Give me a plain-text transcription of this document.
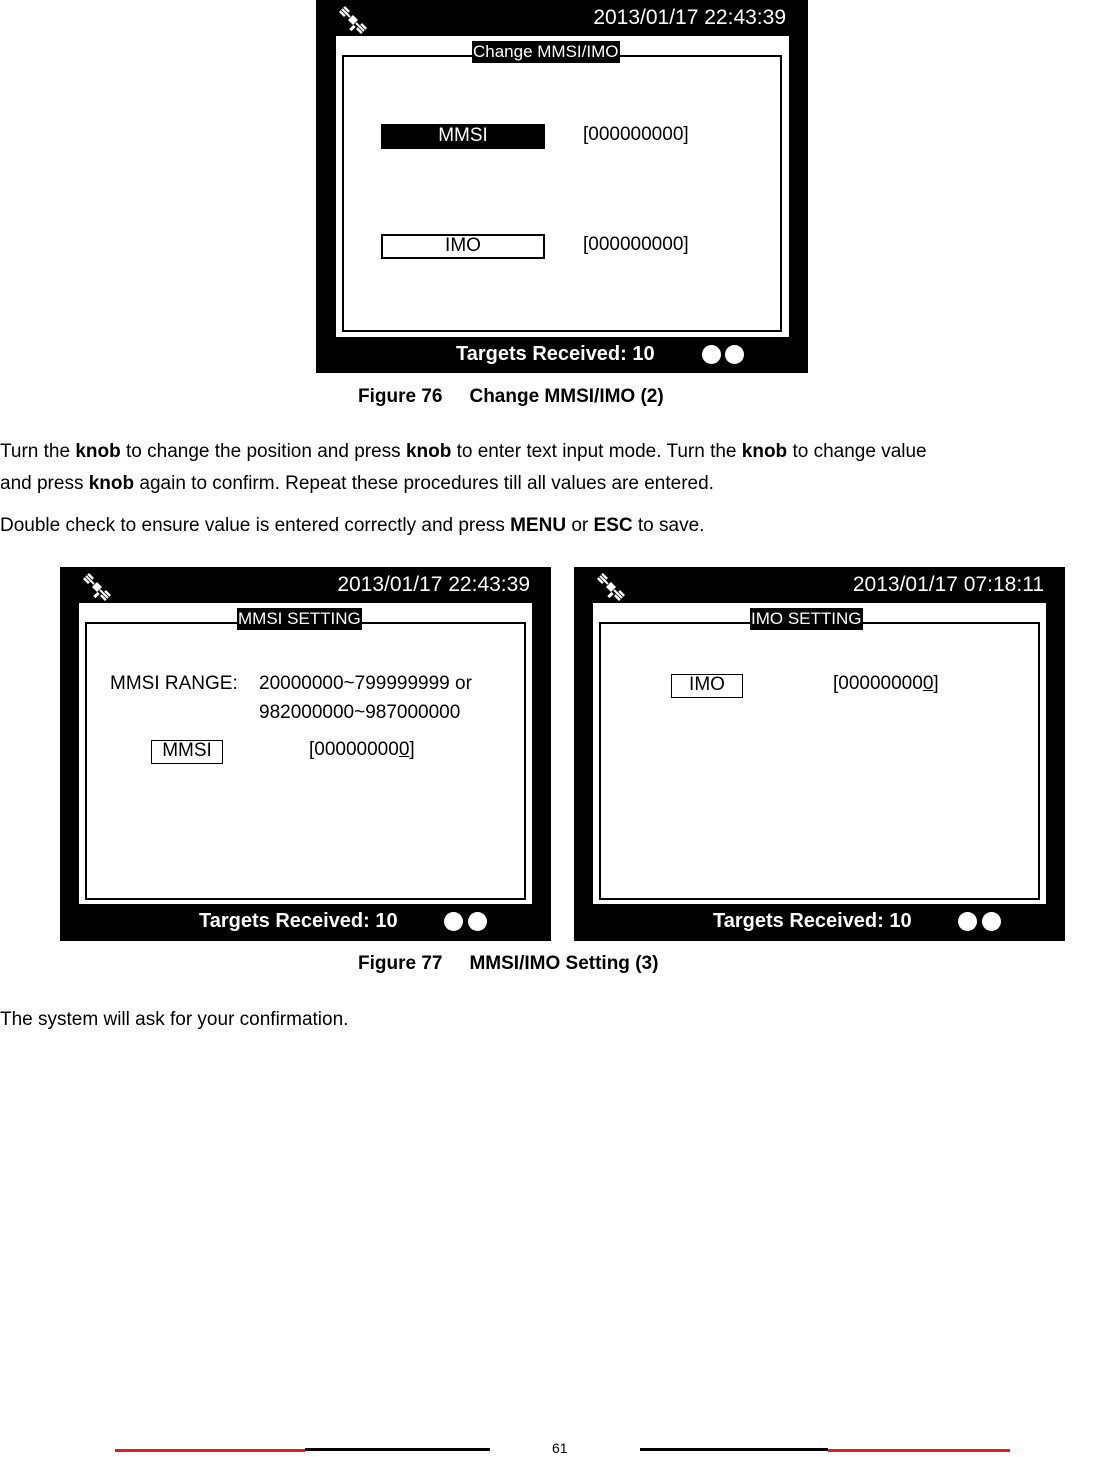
2013/01/17 22:43:39
Change MMSI/IMO
MMSI	[000000000]
IMO	[000000000]
Targets Received: 10
Figure 76 Change MMSI/IMO (2)
Turn the knob to change the position and press knob to enter text input mode. Turn the knob to change value
and press knob again to confirm. Repeat these procedures till all values are entered.
Double check to ensure value is entered correctly and press MENU or ESC to save.
2013/01/17 22:43:39
MMSI SETTING
MMSI RANGE: 20000000~799999999 or
982000000~987000000
MMSI	[000000000]
Targets Received: 10
2013/01/17 07:18:11
IMO SETTING
IMO	[000000000]
Targets Received: 10
Figure 77 MMSI/IMO Setting (3)
The system will ask for your confirmation.
61
